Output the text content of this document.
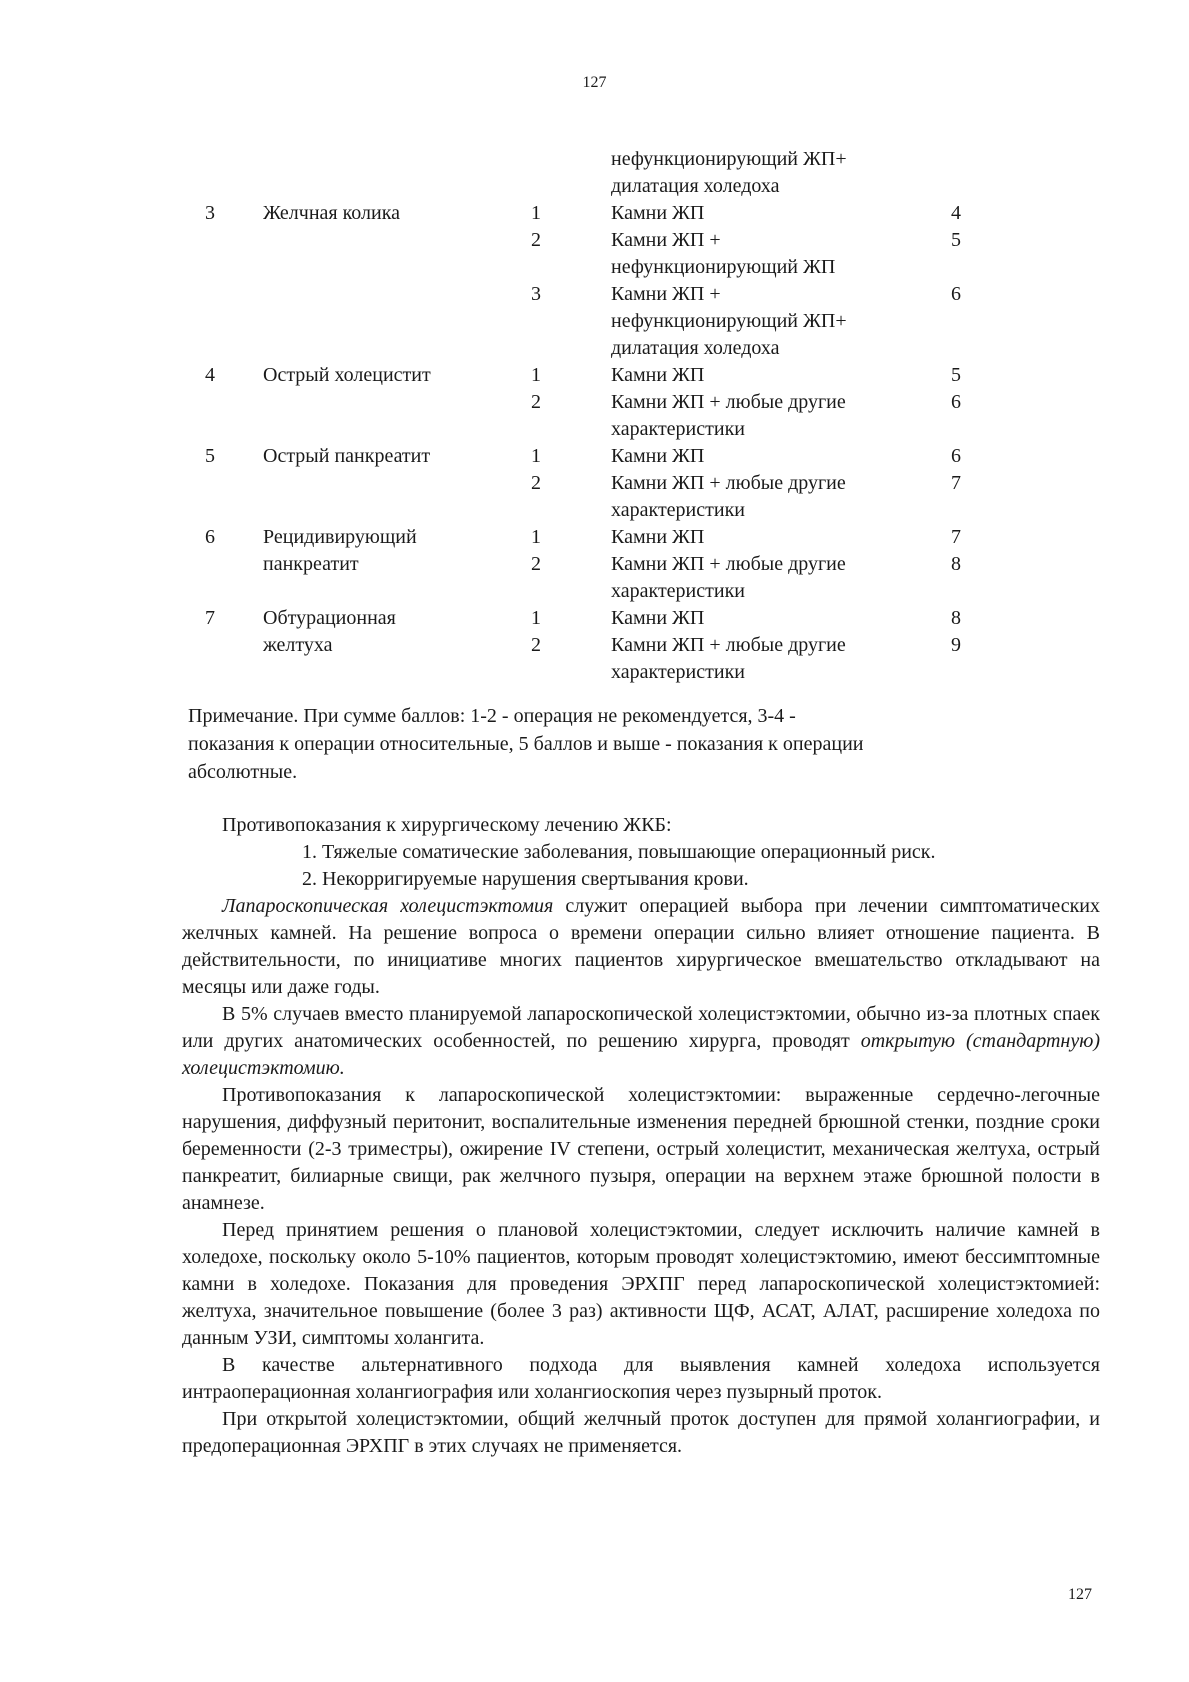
127

			нефункционирующий ЖП+
дилатация холедоха	

3	Желчная колика	1	Камни ЖП	4

		2	Камни ЖП +
нефункционирующий ЖП	5

		3	Камни ЖП +
нефункционирующий ЖП+
дилатация холедоха	6

4	Острый холецистит	1	Камни ЖП	5

		2	Камни ЖП + любые другие
характеристики	6

5	Острый панкреатит	1	Камни ЖП	6

		2	Камни ЖП + любые другие
характеристики	7

6	Рецидивирующий
панкреатит	1	Камни ЖП	7

		2	Камни ЖП + любые другие
характеристики	8

7	Обтурационная
желтуха	1	Камни ЖП	8

		2	Камни ЖП + любые другие
характеристики	9
Примечание. При сумме баллов: 1-2 - операция не рекомендуется, 3-4 -
показания к операции относительные, 5 баллов и выше - показания к операции
абсолютные.

Противопоказания к хирургическому лечению ЖКБ:

1. Тяжелые соматические заболевания, повышающие операционный риск.
2. Некорригируемые нарушения свертывания крови.

Лапароскопическая холецистэктомия служит операцией выбора при лечении симптоматических желчных камней. На решение вопроса о времени операции сильно влияет отношение пациента. В действительности, по инициативе многих пациентов хирургическое вмешательство откладывают на месяцы или даже годы.

В 5% случаев вместо планируемой лапароскопической холецистэктомии, обычно из-за плотных спаек или других анатомических особенностей, по решению хирурга, проводят открытую (стандартную) холецистэктомию.

Противопоказания к лапароскопической холецистэктомии: выраженные сердечно-легочные нарушения, диффузный перитонит, воспалительные изменения передней брюшной стенки, поздние сроки беременности (2-3 триместры), ожирение IV степени, острый холецистит, механическая желтуха, острый панкреатит, билиарные свищи, рак желчного пузыря, операции на верхнем этаже брюшной полости в анамнезе.

Перед принятием решения о плановой холецистэктомии, следует исключить наличие камней в холедохе, поскольку около 5-10% пациентов, которым проводят холецистэктомию, имеют бессимптомные камни в холедохе. Показания для проведения ЭРХПГ перед лапароскопической холецистэктомией: желтуха, значительное повышение (более 3 раз) активности ЩФ, АСАТ, АЛАТ, расширение холедоха по данным УЗИ, симптомы холангита.

В качестве альтернативного подхода для выявления камней холедоха используется интраоперационная холангиография или холангиоскопия через пузырный проток.

При открытой холецистэктомии, общий желчный проток доступен для прямой холангиографии, и предоперационная ЭРХПГ в этих случаях не применяется.

127
